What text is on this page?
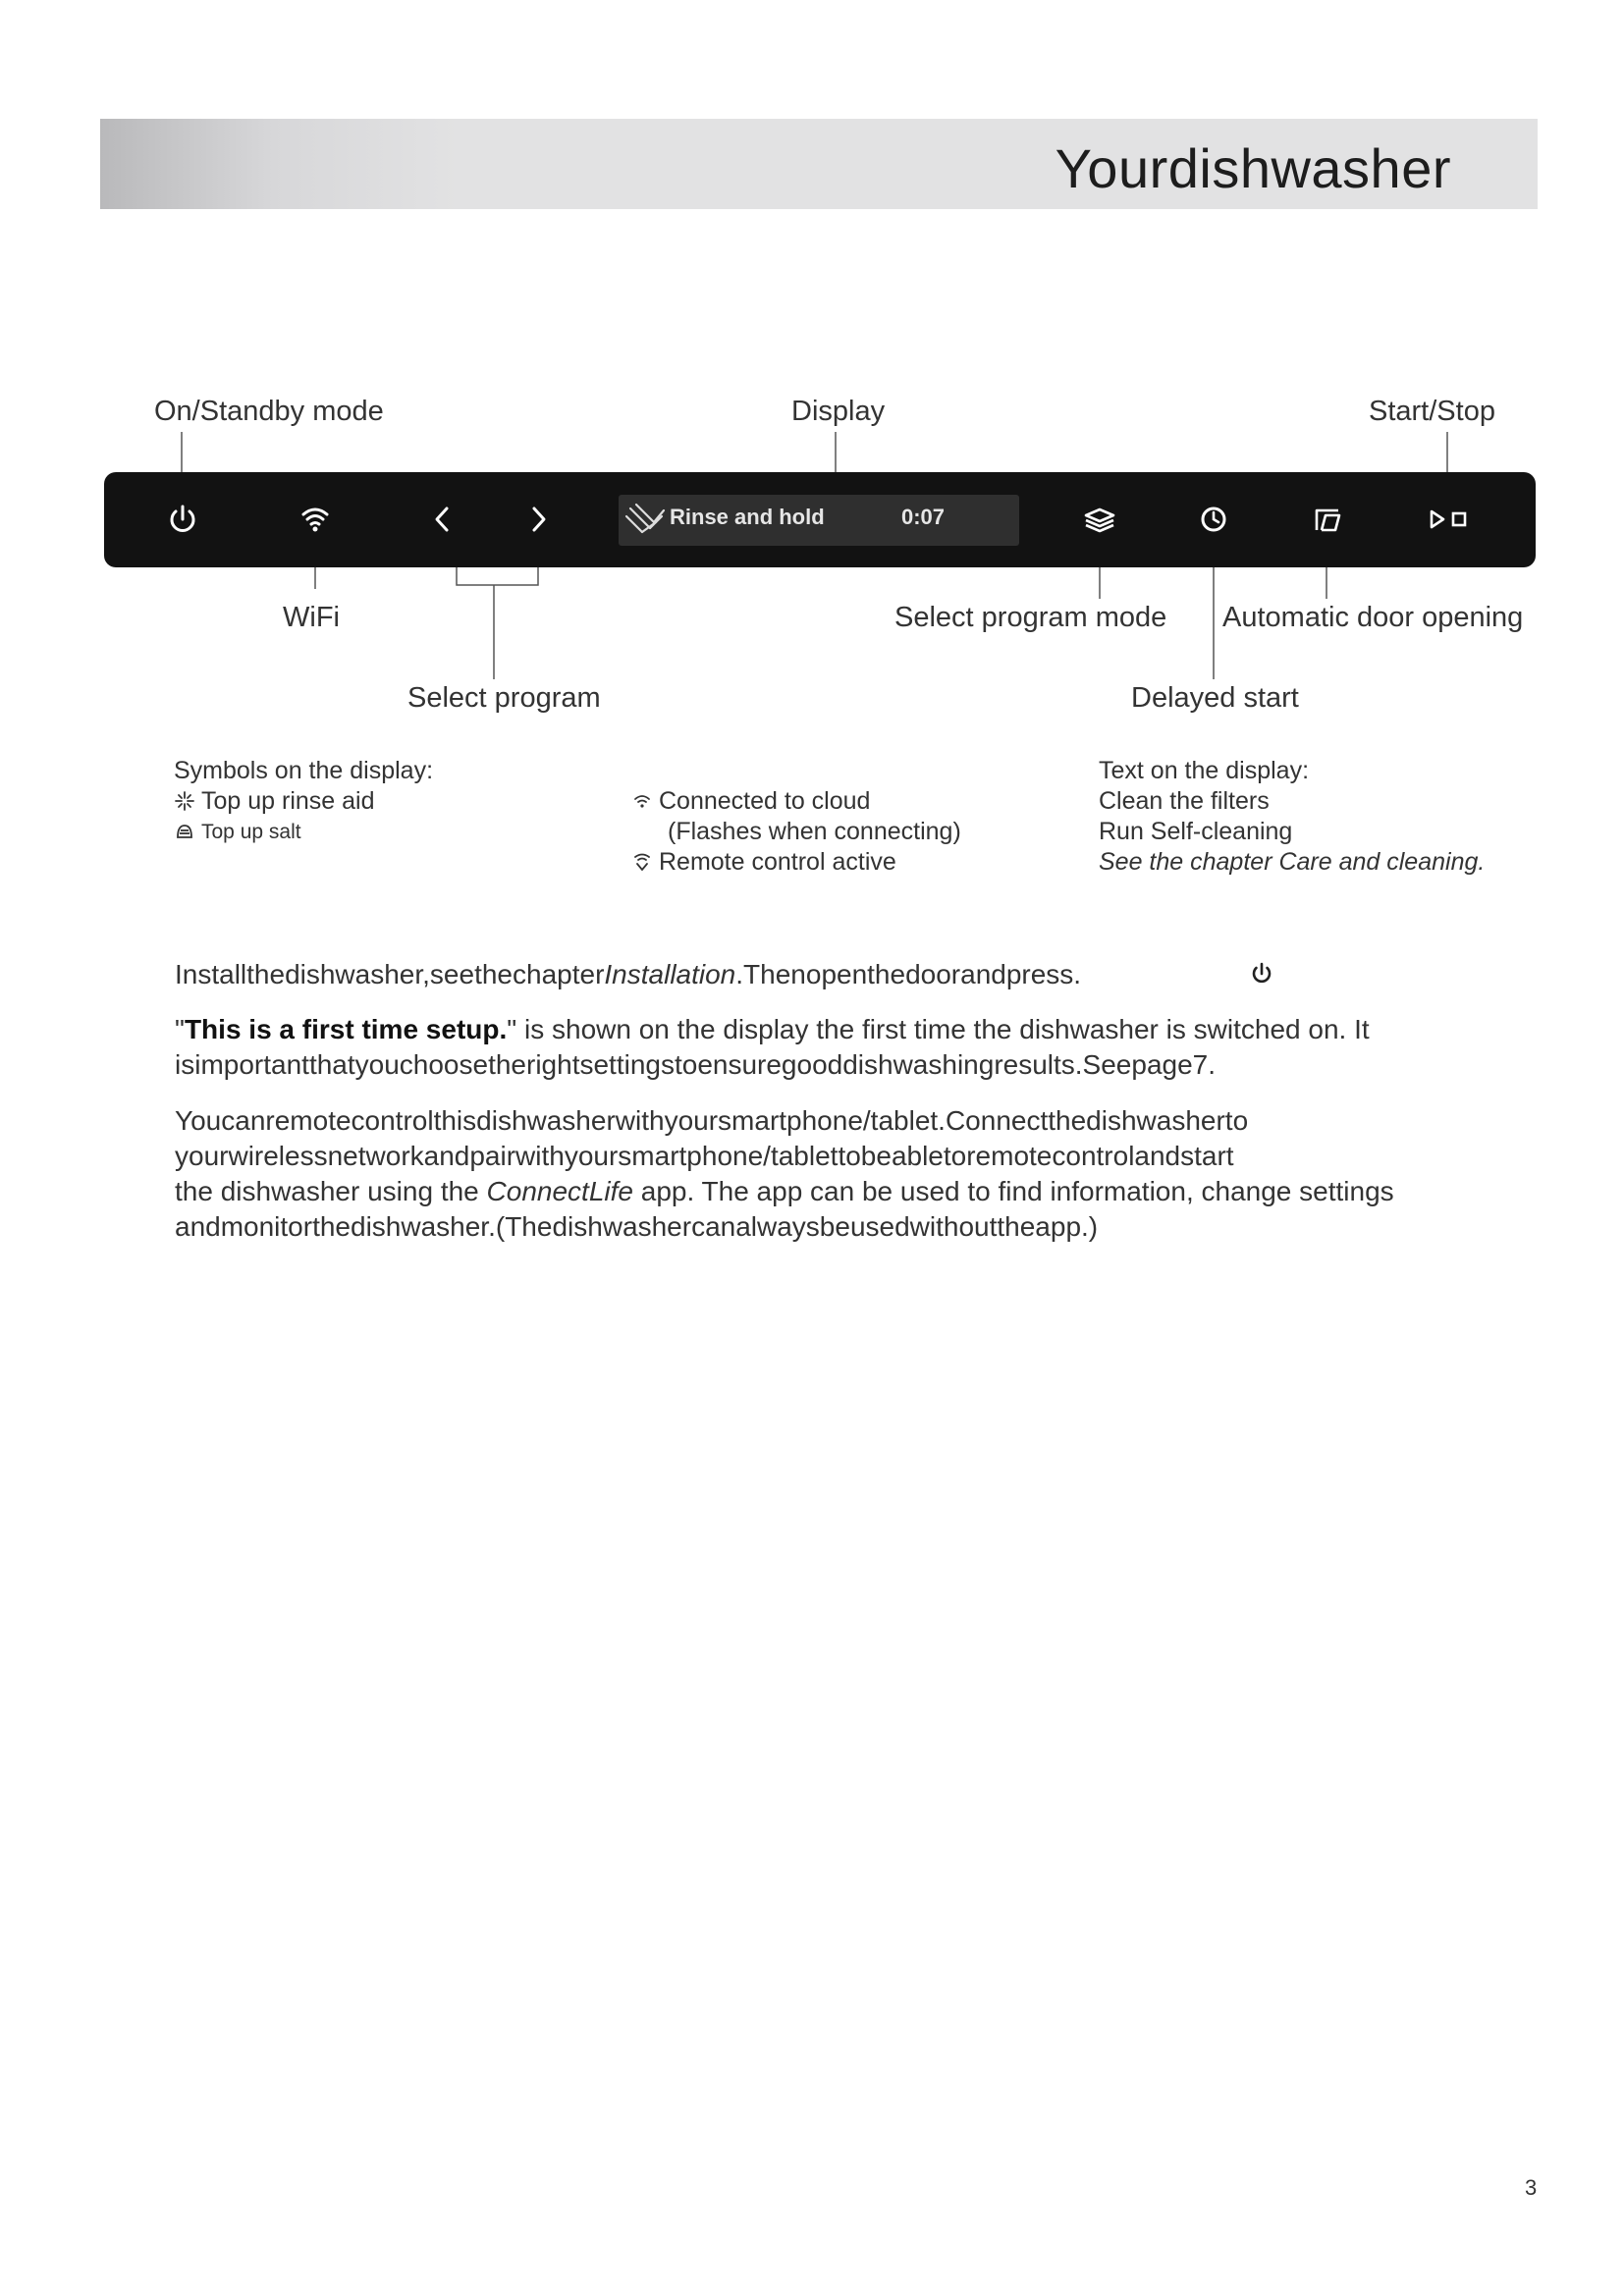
Yourdishwasher
On/Standby mode	Display	Start/Stop
Rinse and hold	0:07
WiFi	Select program mode Automatic door opening
Select program	Delayed start
Symbols on the display:
Top up rinse aid
Top up salt
Connected to cloud
(Flashes when connecting)
Remote control active
Text on the display:
Clean the filters
Run Self-cleaning
See the chapter Care and cleaning.

Installthedishwasher,seethechapterInstallation.Thenopenthedoorandpress.

"This is a first time setup." is shown on the display the first time the dishwasher is switched on. It

isimportantthatyouchoosetherightsettingstoensuregooddishwashingresults.Seepage7.

Youcanremotecontrolthisdishwasherwithyoursmartphone/tablet.Connectthedishwasherto

yourwirelessnetworkandpairwithyoursmartphone/tablettobeabletoremotecontrolandstart

the dishwasher using the ConnectLife app. The app can be used to find information, change settings

andmonitorthedishwasher.(Thedishwashercanalwaysbeusedwithouttheapp.)

3
